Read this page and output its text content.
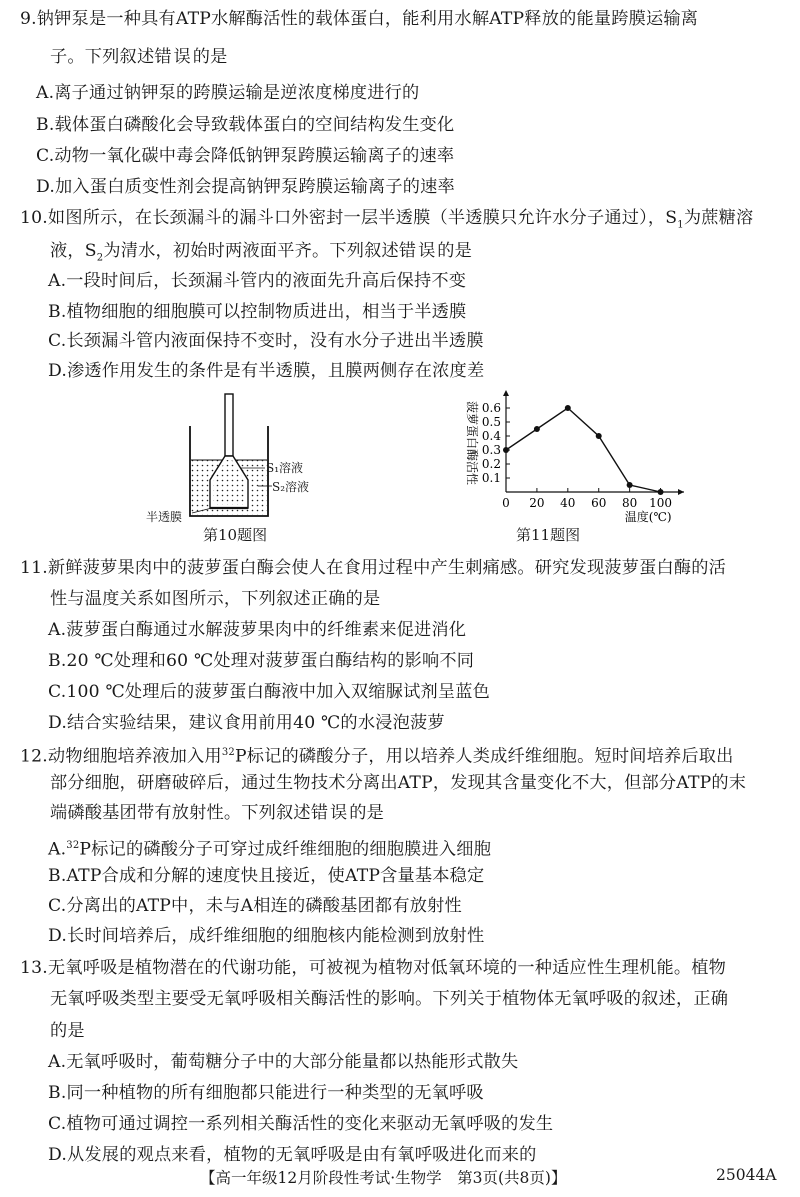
9.钠钾泵是一种具有ATP水解酶活性的载体蛋白，能利用水解ATP释放的能量跨膜运输离
子。下列叙述错误的是
A.离子通过钠钾泵的跨膜运输是逆浓度梯度进行的
B.载体蛋白磷酸化会导致载体蛋白的空间结构发生变化
C.动物一氧化碳中毒会降低钠钾泵跨膜运输离子的速率
D.加入蛋白质变性剂会提高钠钾泵跨膜运输离子的速率
10.如图所示，在长颈漏斗的漏斗口外密封一层半透膜（半透膜只允许水分子通过），$S_1$为蔗糖溶
液，$S_2$为清水，初始时两液面平齐。下列叙述错误的是
A.一段时间后，长颈漏斗管内的液面先升高后保持不变
B.植物细胞的细胞膜可以控制物质进出，相当于半透膜
C.长颈漏斗管内液面保持不变时，没有水分子进出半透膜
D.渗透作用发生的条件是有半透膜，且膜两侧存在浓度差
S₁溶液
S₂溶液
半透膜
第10题图
0.1
0.2
0.3
0.4
0.5
0.6
0 20 40 60 80 100
菠萝蛋白酶活性
温度(℃)
第11题图
11.新鲜菠萝果肉中的菠萝蛋白酶会使人在食用过程中产生刺痛感。研究发现菠萝蛋白酶的活
性与温度关系如图所示，下列叙述正确的是
A.菠萝蛋白酶通过水解菠萝果肉中的纤维素来促进消化
B.20 ℃处理和60 ℃处理对菠萝蛋白酶结构的影响不同
C.100 ℃处理后的菠萝蛋白酶液中加入双缩脲试剂呈蓝色
D.结合实验结果，建议食用前用40 ℃的水浸泡菠萝
12.动物细胞培养液加入用$^{32}$P标记的磷酸分子，用以培养人类成纤维细胞。短时间培养后取出
部分细胞，研磨破碎后，通过生物技术分离出ATP，发现其含量变化不大，但部分ATP的末
端磷酸基团带有放射性。下列叙述错误的是
A.$^{32}$P标记的磷酸分子可穿过成纤维细胞的细胞膜进入细胞
B.ATP合成和分解的速度快且接近，使ATP含量基本稳定
C.分离出的ATP中，未与A相连的磷酸基团都有放射性
D.长时间培养后，成纤维细胞的细胞核内能检测到放射性
13.无氧呼吸是植物潜在的代谢功能，可被视为植物对低氧环境的一种适应性生理机能。植物
无氧呼吸类型主要受无氧呼吸相关酶活性的影响。下列关于植物体无氧呼吸的叙述，正确
的是
A.无氧呼吸时，葡萄糖分子中的大部分能量都以热能形式散失
B.同一种植物的所有细胞都只能进行一种类型的无氧呼吸
C.植物可通过调控一系列相关酶活性的变化来驱动无氧呼吸的发生
D.从发展的观点来看，植物的无氧呼吸是由有氧呼吸进化而来的
【高一年级12月阶段性考试·生物学　第3页(共8页)】	25044A
